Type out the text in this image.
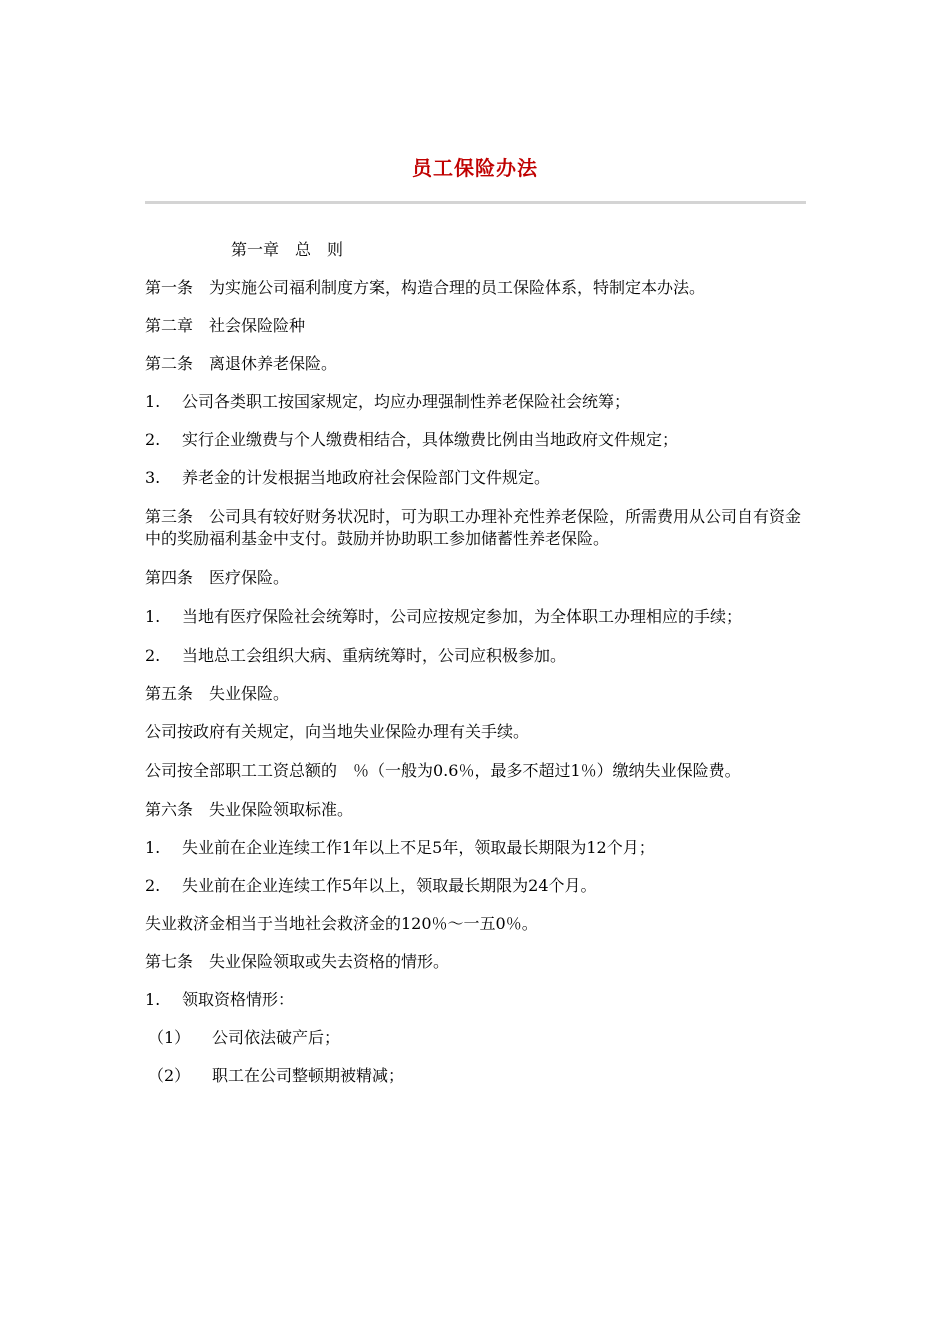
员工保险办法
第一章　总　则
第一条　为实施公司福利制度方案，构造合理的员工保险体系，特制定本办法。
第二章　社会保险险种
第二条　离退休养老保险。
1. 公司各类职工按国家规定，均应办理强制性养老保险社会统筹；
2. 实行企业缴费与个人缴费相结合，具体缴费比例由当地政府文件规定；
3. 养老金的计发根据当地政府社会保险部门文件规定。
第三条　公司具有较好财务状况时，可为职工办理补充性养老保险，所需费用从公司自有资金中的奖励福利基金中支付。鼓励并协助职工参加储蓄性养老保险。
第四条　医疗保险。
1. 当地有医疗保险社会统筹时，公司应按规定参加，为全体职工办理相应的手续；
2. 当地总工会组织大病、重病统筹时，公司应积极参加。
第五条　失业保险。
公司按政府有关规定，向当地失业保险办理有关手续。
公司按全部职工工资总额的　％（一般为0.6％，最多不超过1％）缴纳失业保险费。
第六条　失业保险领取标准。
1. 失业前在企业连续工作1年以上不足5年，领取最长期限为12个月；
2. 失业前在企业连续工作5年以上，领取最长期限为24个月。
失业救济金相当于当地社会救济金的120％～一五0％。
第七条　失业保险领取或失去资格的情形。
1. 领取资格情形：
（1） 公司依法破产后；
（2） 职工在公司整顿期被精减；
